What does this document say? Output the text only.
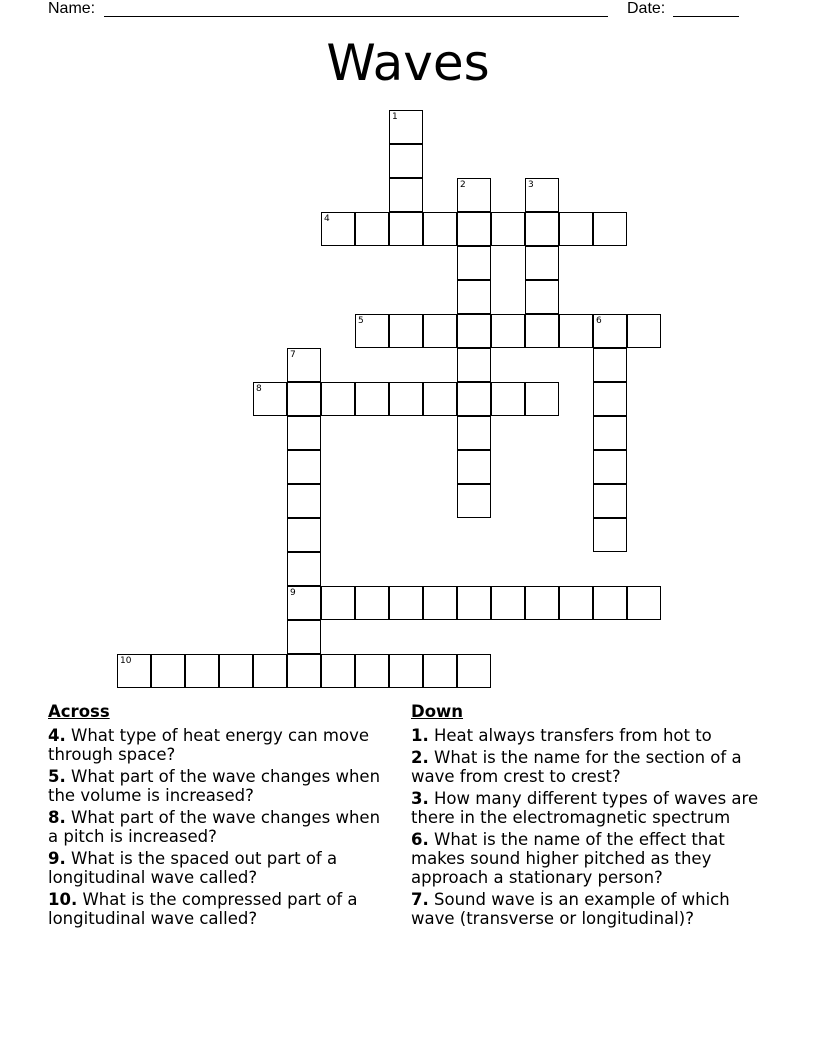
Name:	Date:
Waves
1
2	3
4
5	6
7
9
8
10
Across
4. What type of heat energy can move through space?
5. What part of the wave changes when the volume is increased?
8. What part of the wave changes when a pitch is increased?
9. What is the spaced out part of a longitudinal wave called?
10. What is the compressed part of a longitudinal wave called?
Down
1. Heat always transfers from hot to
2. What is the name for the section of a wave from crest to crest?
3. How many different types of waves are there in the electromagnetic spectrum
6. What is the name of the effect that makes sound higher pitched as they approach a stationary person?
7. Sound wave is an example of which wave (transverse or longitudinal)?
